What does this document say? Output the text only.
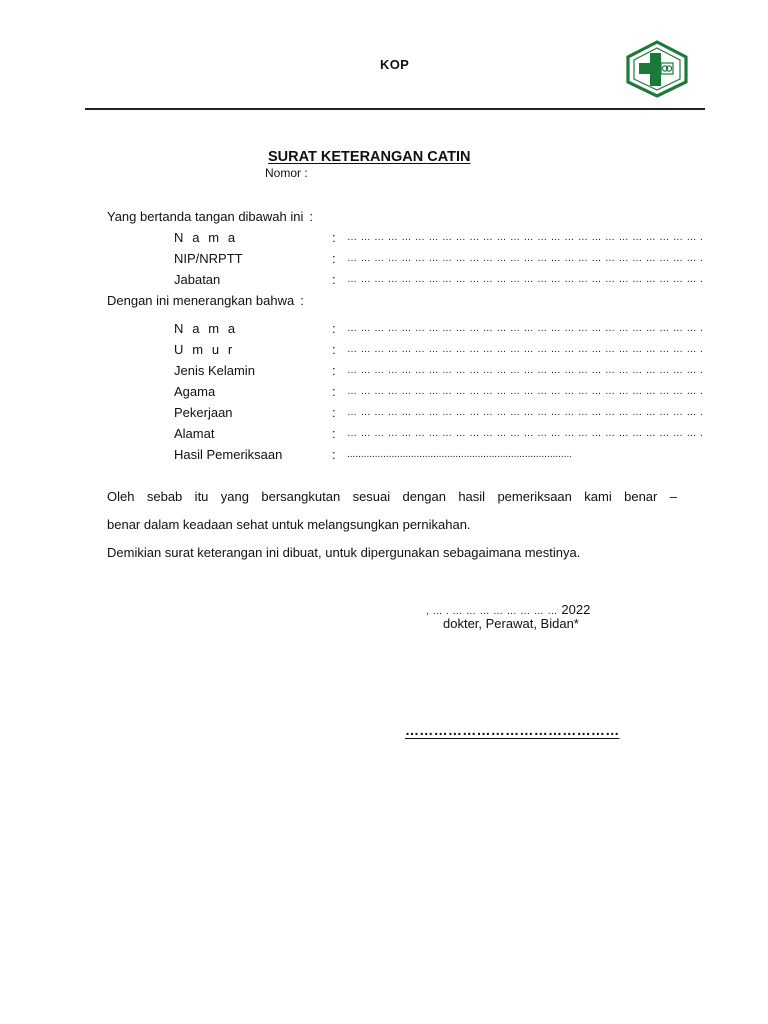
KOP
SURAT KETERANGAN CATIN
Nomor :
Yang bertanda tangan dibawah ini :
N a m a	: … … … … … … … … … … … … … … … … … … … … … … … … … … .
NIP/NRPTT	: … … … … … … … … … … … … … … … … … … … … … … … … … … .
Jabatan	: … … … … … … … … … … … … … … … … … … … … … … … … … … .
Dengan ini menerangkan bahwa :
N a m a	: … … … … … … … … … … … … … … … … … … … … … … … … … … .
U m u r	: … … … … … … … … … … … … … … … … … … … … … … … … … … .
Jenis Kelamin	: … … … … … … … … … … … … … … … … … … … … … … … … … … .
Agama	: … … … … … … … … … … … … … … … … … … … … … … … … … … .
Pekerjaan	: … … … … … … … … … … … … … … … … … … … … … … … … … … .
Alamat	: … … … … … … … … … … … … … … … … … … … … … … … … … … .
Hasil Pemeriksaan	: .................................................................................
Oleh sebab itu yang bersangkutan sesuai dengan hasil pemeriksaan kami benar –
benar dalam keadaan sehat untuk melangsungkan pernikahan.
Demikian surat keterangan ini dibuat, untuk dipergunakan sebagaimana mestinya.
, … . … … … … … … … … 2022
dokter, Perawat, Bidan*
………………………………………
